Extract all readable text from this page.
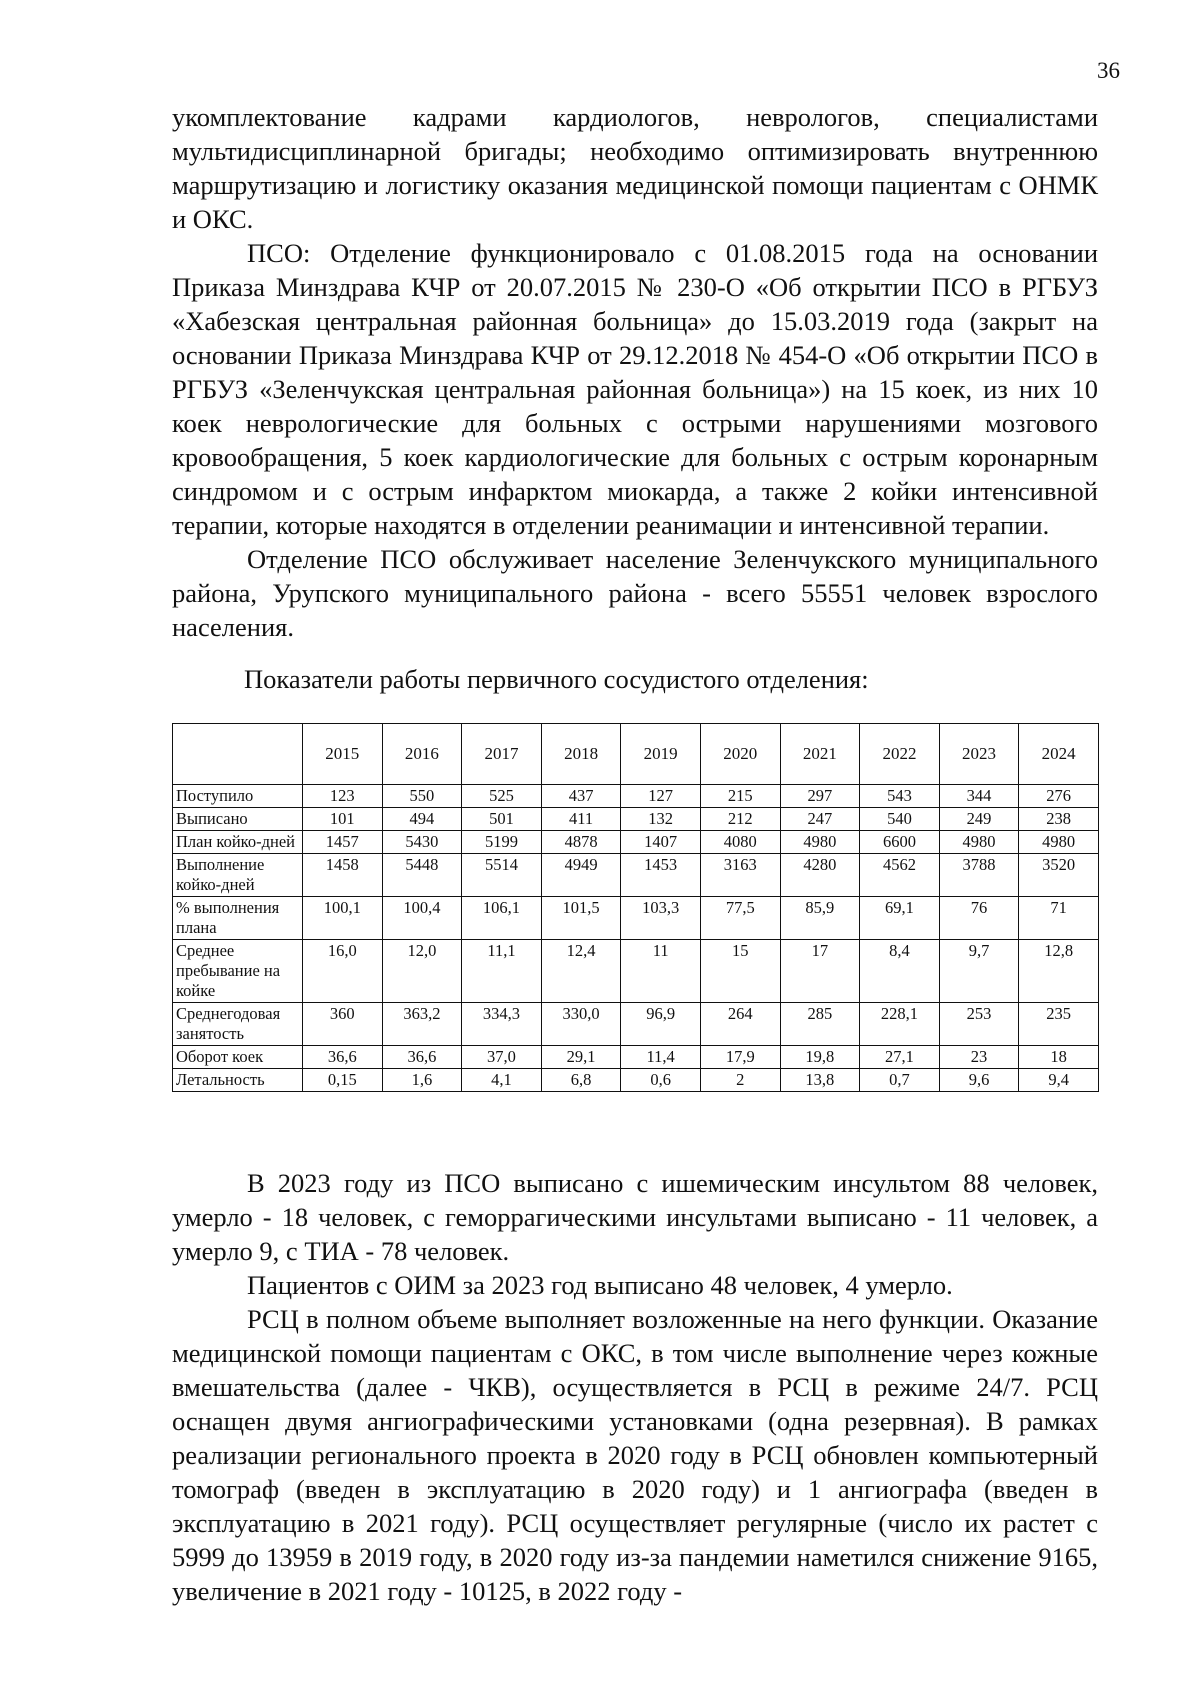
36

укомплектование кадрами кардиологов, неврологов, специалистами мультидисциплинарной бригады; необходимо оптимизировать внутреннюю маршрутизацию и логистику оказания медицинской помощи пациентам с ОНМК и ОКС.

ПСО: Отделение функционировало с 01.08.2015 года на основании Приказа Минздрава КЧР от 20.07.2015 № 230-О «Об открытии ПСО в РГБУЗ «Хабезская центральная районная больница» до 15.03.2019 года (закрыт на основании Приказа Минздрава КЧР от 29.12.2018 № 454-О «Об открытии ПСО в РГБУЗ «Зеленчукская центральная районная больница») на 15 коек, из них 10 коек неврологические для больных с острыми нарушениями мозгового кровообращения, 5 коек кардиологические для больных с острым коронарным синдромом и с острым инфарктом миокарда, а также 2 койки интенсивной терапии, которые находятся в отделении реанимации и интенсивной терапии.

Отделение ПСО обслуживает население Зеленчукского муниципального района, Урупского муниципального района - всего 55551 человек взрослого населения.

Показатели работы первичного сосудистого отделения:
	2015	2016	2017	2018	2019	2020	2021	2022	2023	2024
Поступило	123	550	525	437	127	215	297	543	344	276
Выписано	101	494	501	411	132	212	247	540	249	238
План койко-дней	1457	5430	5199	4878	1407	4080	4980	6600	4980	4980
Выполнение койко-дней	1458	5448	5514	4949	1453	3163	4280	4562	3788	3520
% выполнения плана	100,1	100,4	106,1	101,5	103,3	77,5	85,9	69,1	76	71
Среднее пребывание на койке	16,0	12,0	11,1	12,4	11	15	17	8,4	9,7	12,8
Среднегодовая занятость	360	363,2	334,3	330,0	96,9	264	285	228,1	253	235
Оборот коек	36,6	36,6	37,0	29,1	11,4	17,9	19,8	27,1	23	18
Летальность	0,15	1,6	4,1	6,8	0,6	2	13,8	0,7	9,6	9,4

В 2023 году из ПСО выписано с ишемическим инсультом 88 человек, умерло - 18 человек, с геморрагическими инсультами выписано - 11 человек, а умерло 9, с ТИА - 78 человек.

Пациентов с ОИМ за 2023 год выписано 48 человек, 4 умерло.

РСЦ в полном объеме выполняет возложенные на него функции. Оказание медицинской помощи пациентам с ОКС, в том числе выполнение через кожные вмешательства (далее - ЧКВ), осуществляется в РСЦ в режиме 24/7. РСЦ оснащен двумя ангиографическими установками (одна резервная). В рамках реализации регионального проекта в 2020 году в РСЦ обновлен компьютерный томограф (введен в эксплуатацию в 2020 году) и 1 ангиографа (введен в эксплуатацию в 2021 году). РСЦ осуществляет регулярные (число их растет с 5999 до 13959 в 2019 году, в 2020 году из-за пандемии наметился снижение 9165, увеличение в 2021 году - 10125, в 2022 году -
